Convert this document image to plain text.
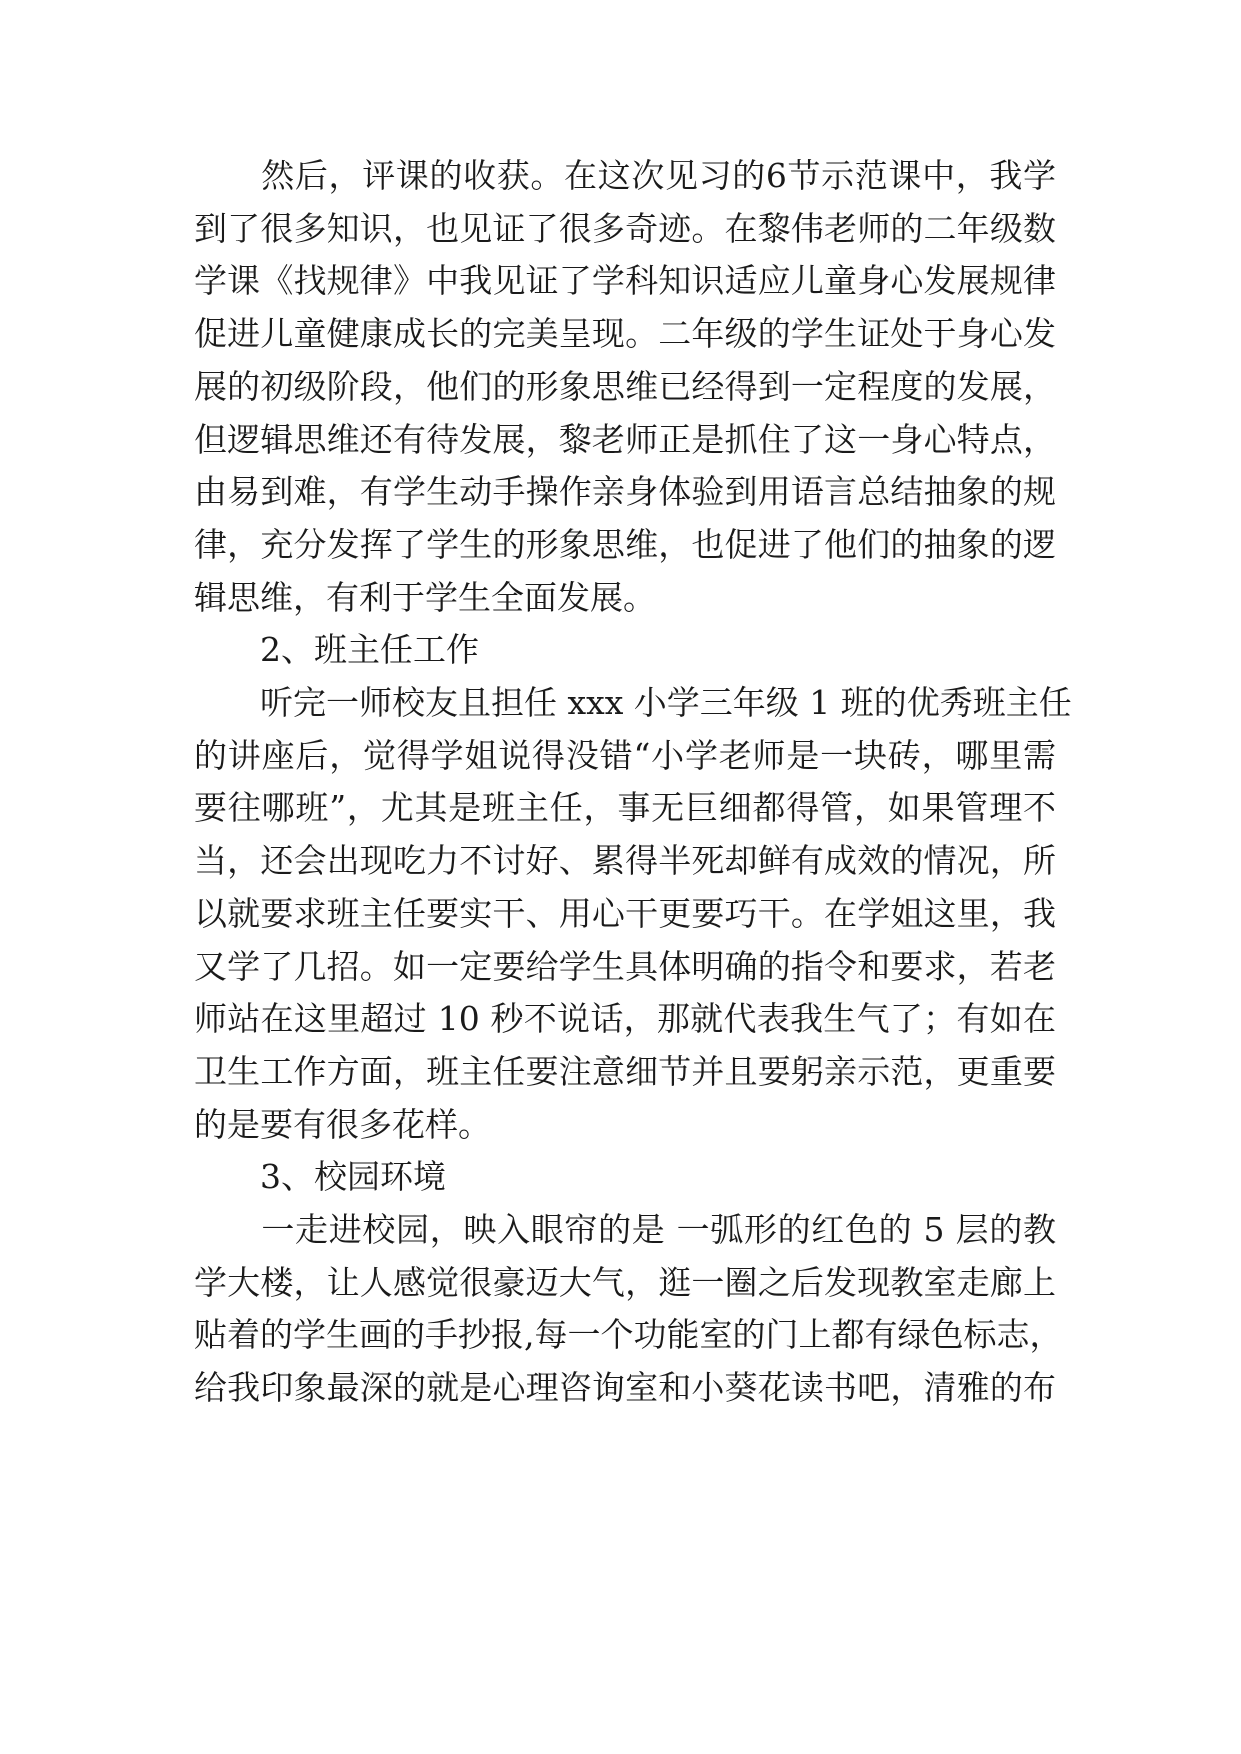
　　然后，评课的收获。在这次见习的6节示范课中，我学
到了很多知识，也见证了很多奇迹。在黎伟老师的二年级数
学课《找规律》中我见证了学科知识适应儿童身心发展规律
促进儿童健康成长的完美呈现。二年级的学生证处于身心发
展的初级阶段，他们的形象思维已经得到一定程度的发展，
但逻辑思维还有待发展，黎老师正是抓住了这一身心特点，
由易到难，有学生动手操作亲身体验到用语言总结抽象的规
律，充分发挥了学生的形象思维，也促进了他们的抽象的逻
辑思维，有利于学生全面发展。
　　2、班主任工作
　　听完一师校友且担任 xxx 小学三年级 1 班的优秀班主任
的讲座后，觉得学姐说得没错“小学老师是一块砖，哪里需
要往哪班”，尤其是班主任，事无巨细都得管，如果管理不
当，还会出现吃力不讨好、累得半死却鲜有成效的情况，所
以就要求班主任要实干、用心干更要巧干。在学姐这里，我
又学了几招。如一定要给学生具体明确的指令和要求，若老
师站在这里超过 10 秒不说话，那就代表我生气了；有如在
卫生工作方面，班主任要注意细节并且要躬亲示范，更重要
的是要有很多花样。
　　3、校园环境
　　一走进校园，映入眼帘的是 一弧形的红色的 5 层的教
学大楼，让人感觉很豪迈大气，逛一圈之后发现教室走廊上
贴着的学生画的手抄报,每一个功能室的门上都有绿色标志，
给我印象最深的就是心理咨询室和小葵花读书吧，清雅的布
